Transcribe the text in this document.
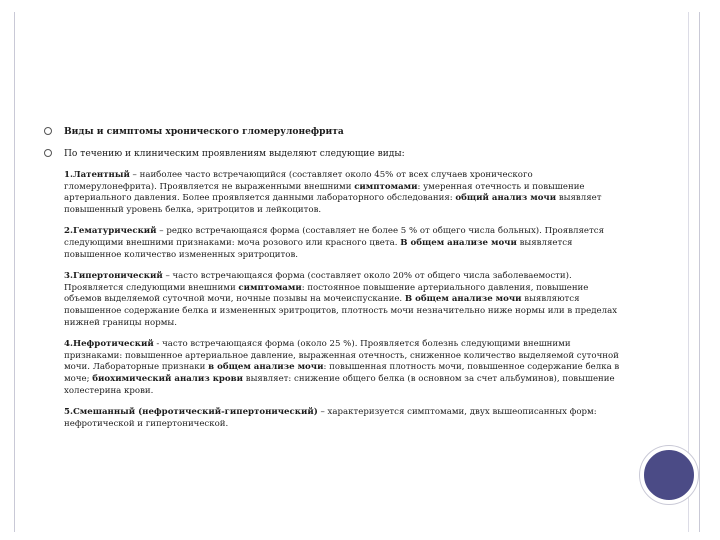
Виды и симптомы хронического гломерулонефрита
По течению и клиническим проявлениям выделяют следующие виды:

1.Латентный – наиболее часто встречающийся (составляет около 45% от всех случаев хронического гломерулонефрита). Проявляется не выраженными внешними симптомами: умеренная отечность и повышение артериального давления. Более проявляется данными лабораторного обследования: общий анализ мочи выявляет повышенный уровень белка, эритроцитов и лейкоцитов.

2.Гематурический – редко встречающаяся форма (составляет не более 5 % от общего числа больных). Проявляется следующими внешними признаками: моча розового или красного цвета. В общем анализе мочи выявляется повышенное количество измененных эритроцитов.

3.Гипертонический – часто встречающаяся форма (составляет около 20% от общего числа заболеваемости). Проявляется следующими внешними симптомами: постоянное повышение артериального давления, повышение объемов выделяемой суточной мочи, ночные позывы на мочеиспускание. В общем анализе мочи выявляются повышенное содержание белка и измененных эритроцитов, плотность мочи незначительно ниже нормы или в пределах нижней границы нормы.

4.Нефротический - часто встречающаяся форма (около 25 %). Проявляется болезнь следующими внешними признаками: повышенное артериальное давление, выраженная отечность, сниженное количество выделяемой суточной мочи. Лабораторные признаки в общем анализе мочи: повышенная плотность мочи, повышенное содержание белка в моче; биохимический анализ крови выявляет: снижение общего белка (в основном за счет альбуминов), повышение холестерина крови.

5.Смешанный (нефротический-гипертонический) – характеризуется симптомами, двух вышеописанных форм: нефротической и гипертонической.
